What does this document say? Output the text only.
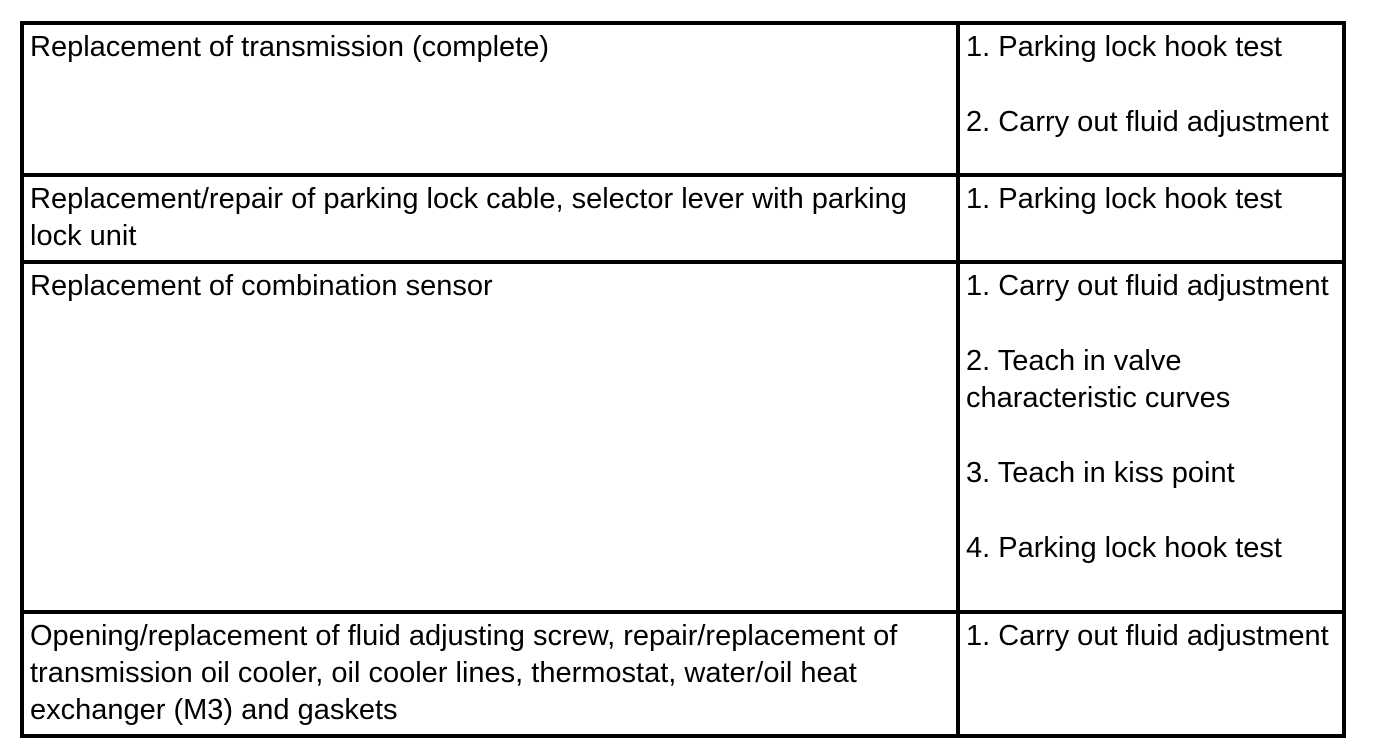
Replacement of transmission (complete)	1. Parking lock hook test
2. Carry out fluid adjustment

Replacement/repair of parking lock cable, selector lever with parking lock unit	1. Parking lock hook test

Replacement of combination sensor	1. Carry out fluid adjustment
2. Teach in valve characteristic curves
3. Teach in kiss point
4. Parking lock hook test

Opening/replacement of fluid adjusting screw, repair/replacement of transmission oil cooler, oil cooler lines, thermostat, water/oil heat exchanger (M3) and gaskets	1. Carry out fluid adjustment
